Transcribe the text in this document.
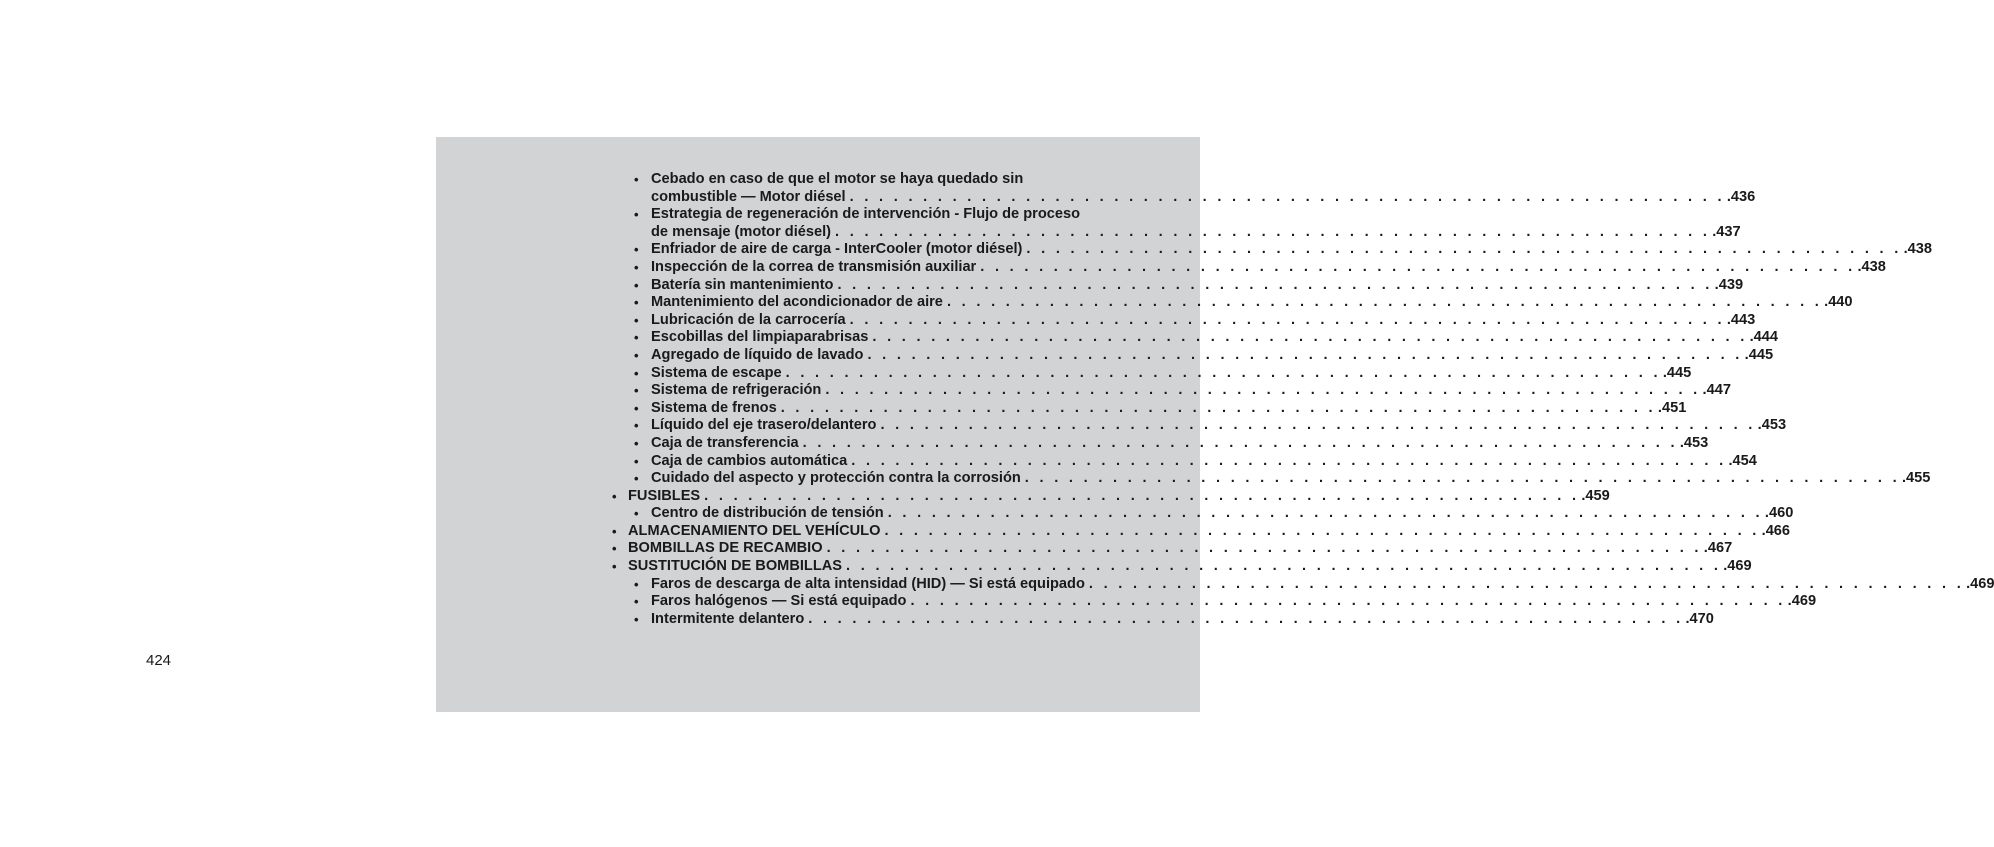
• Cebado en caso de que el motor se haya quedado sin
combustible — Motor diésel . . . . . . . . . . . . . . . . . . . . . . . . . . . . . . . . . . . . . . . . . . . . . . . . . . . . . . . . . . . . .436
• Estrategia de regeneración de intervención - Flujo de proceso
de mensaje (motor diésel) . . . . . . . . . . . . . . . . . . . . . . . . . . . . . . . . . . . . . . . . . . . . . . . . . . . . . . . . . . . . .437
• Enfriador de aire de carga - InterCooler (motor diésel) . . . . . . . . . . . . . . . . . . . . . . . . . . . . . . . . . . . . . . . . . . . . . . . . . . . . . . . . . . . . .438
• Inspección de la correa de transmisión auxiliar . . . . . . . . . . . . . . . . . . . . . . . . . . . . . . . . . . . . . . . . . . . . . . . . . . . . . . . . . . . . .438
• Batería sin mantenimiento . . . . . . . . . . . . . . . . . . . . . . . . . . . . . . . . . . . . . . . . . . . . . . . . . . . . . . . . . . . . .439
• Mantenimiento del acondicionador de aire . . . . . . . . . . . . . . . . . . . . . . . . . . . . . . . . . . . . . . . . . . . . . . . . . . . . . . . . . . . . .440
• Lubricación de la carrocería . . . . . . . . . . . . . . . . . . . . . . . . . . . . . . . . . . . . . . . . . . . . . . . . . . . . . . . . . . . . .443
• Escobillas del limpiaparabrisas . . . . . . . . . . . . . . . . . . . . . . . . . . . . . . . . . . . . . . . . . . . . . . . . . . . . . . . . . . . . .444
• Agregado de líquido de lavado . . . . . . . . . . . . . . . . . . . . . . . . . . . . . . . . . . . . . . . . . . . . . . . . . . . . . . . . . . . . .445
• Sistema de escape . . . . . . . . . . . . . . . . . . . . . . . . . . . . . . . . . . . . . . . . . . . . . . . . . . . . . . . . . . . . .445
• Sistema de refrigeración . . . . . . . . . . . . . . . . . . . . . . . . . . . . . . . . . . . . . . . . . . . . . . . . . . . . . . . . . . . . .447
• Sistema de frenos . . . . . . . . . . . . . . . . . . . . . . . . . . . . . . . . . . . . . . . . . . . . . . . . . . . . . . . . . . . . .451
• Líquido del eje trasero/delantero . . . . . . . . . . . . . . . . . . . . . . . . . . . . . . . . . . . . . . . . . . . . . . . . . . . . . . . . . . . . .453
• Caja de transferencia . . . . . . . . . . . . . . . . . . . . . . . . . . . . . . . . . . . . . . . . . . . . . . . . . . . . . . . . . . . . .453
• Caja de cambios automática . . . . . . . . . . . . . . . . . . . . . . . . . . . . . . . . . . . . . . . . . . . . . . . . . . . . . . . . . . . . .454
• Cuidado del aspecto y protección contra la corrosión . . . . . . . . . . . . . . . . . . . . . . . . . . . . . . . . . . . . . . . . . . . . . . . . . . . . . . . . . . . . .455
• FUSIBLES . . . . . . . . . . . . . . . . . . . . . . . . . . . . . . . . . . . . . . . . . . . . . . . . . . . . . . . . . . . . .459
• Centro de distribución de tensión . . . . . . . . . . . . . . . . . . . . . . . . . . . . . . . . . . . . . . . . . . . . . . . . . . . . . . . . . . . . .460
• ALMACENAMIENTO DEL VEHÍCULO . . . . . . . . . . . . . . . . . . . . . . . . . . . . . . . . . . . . . . . . . . . . . . . . . . . . . . . . . . . . .466
• BOMBILLAS DE RECAMBIO . . . . . . . . . . . . . . . . . . . . . . . . . . . . . . . . . . . . . . . . . . . . . . . . . . . . . . . . . . . . .467
• SUSTITUCIÓN DE BOMBILLAS . . . . . . . . . . . . . . . . . . . . . . . . . . . . . . . . . . . . . . . . . . . . . . . . . . . . . . . . . . . . .469
• Faros de descarga de alta intensidad (HID) — Si está equipado . . . . . . . . . . . . . . . . . . . . . . . . . . . . . . . . . . . . . . . . . . . . . . . . . . . . . . . . . . . . .469
• Faros halógenos — Si está equipado . . . . . . . . . . . . . . . . . . . . . . . . . . . . . . . . . . . . . . . . . . . . . . . . . . . . . . . . . . . . .469
• Intermitente delantero . . . . . . . . . . . . . . . . . . . . . . . . . . . . . . . . . . . . . . . . . . . . . . . . . . . . . . . . . . . . .470
424
